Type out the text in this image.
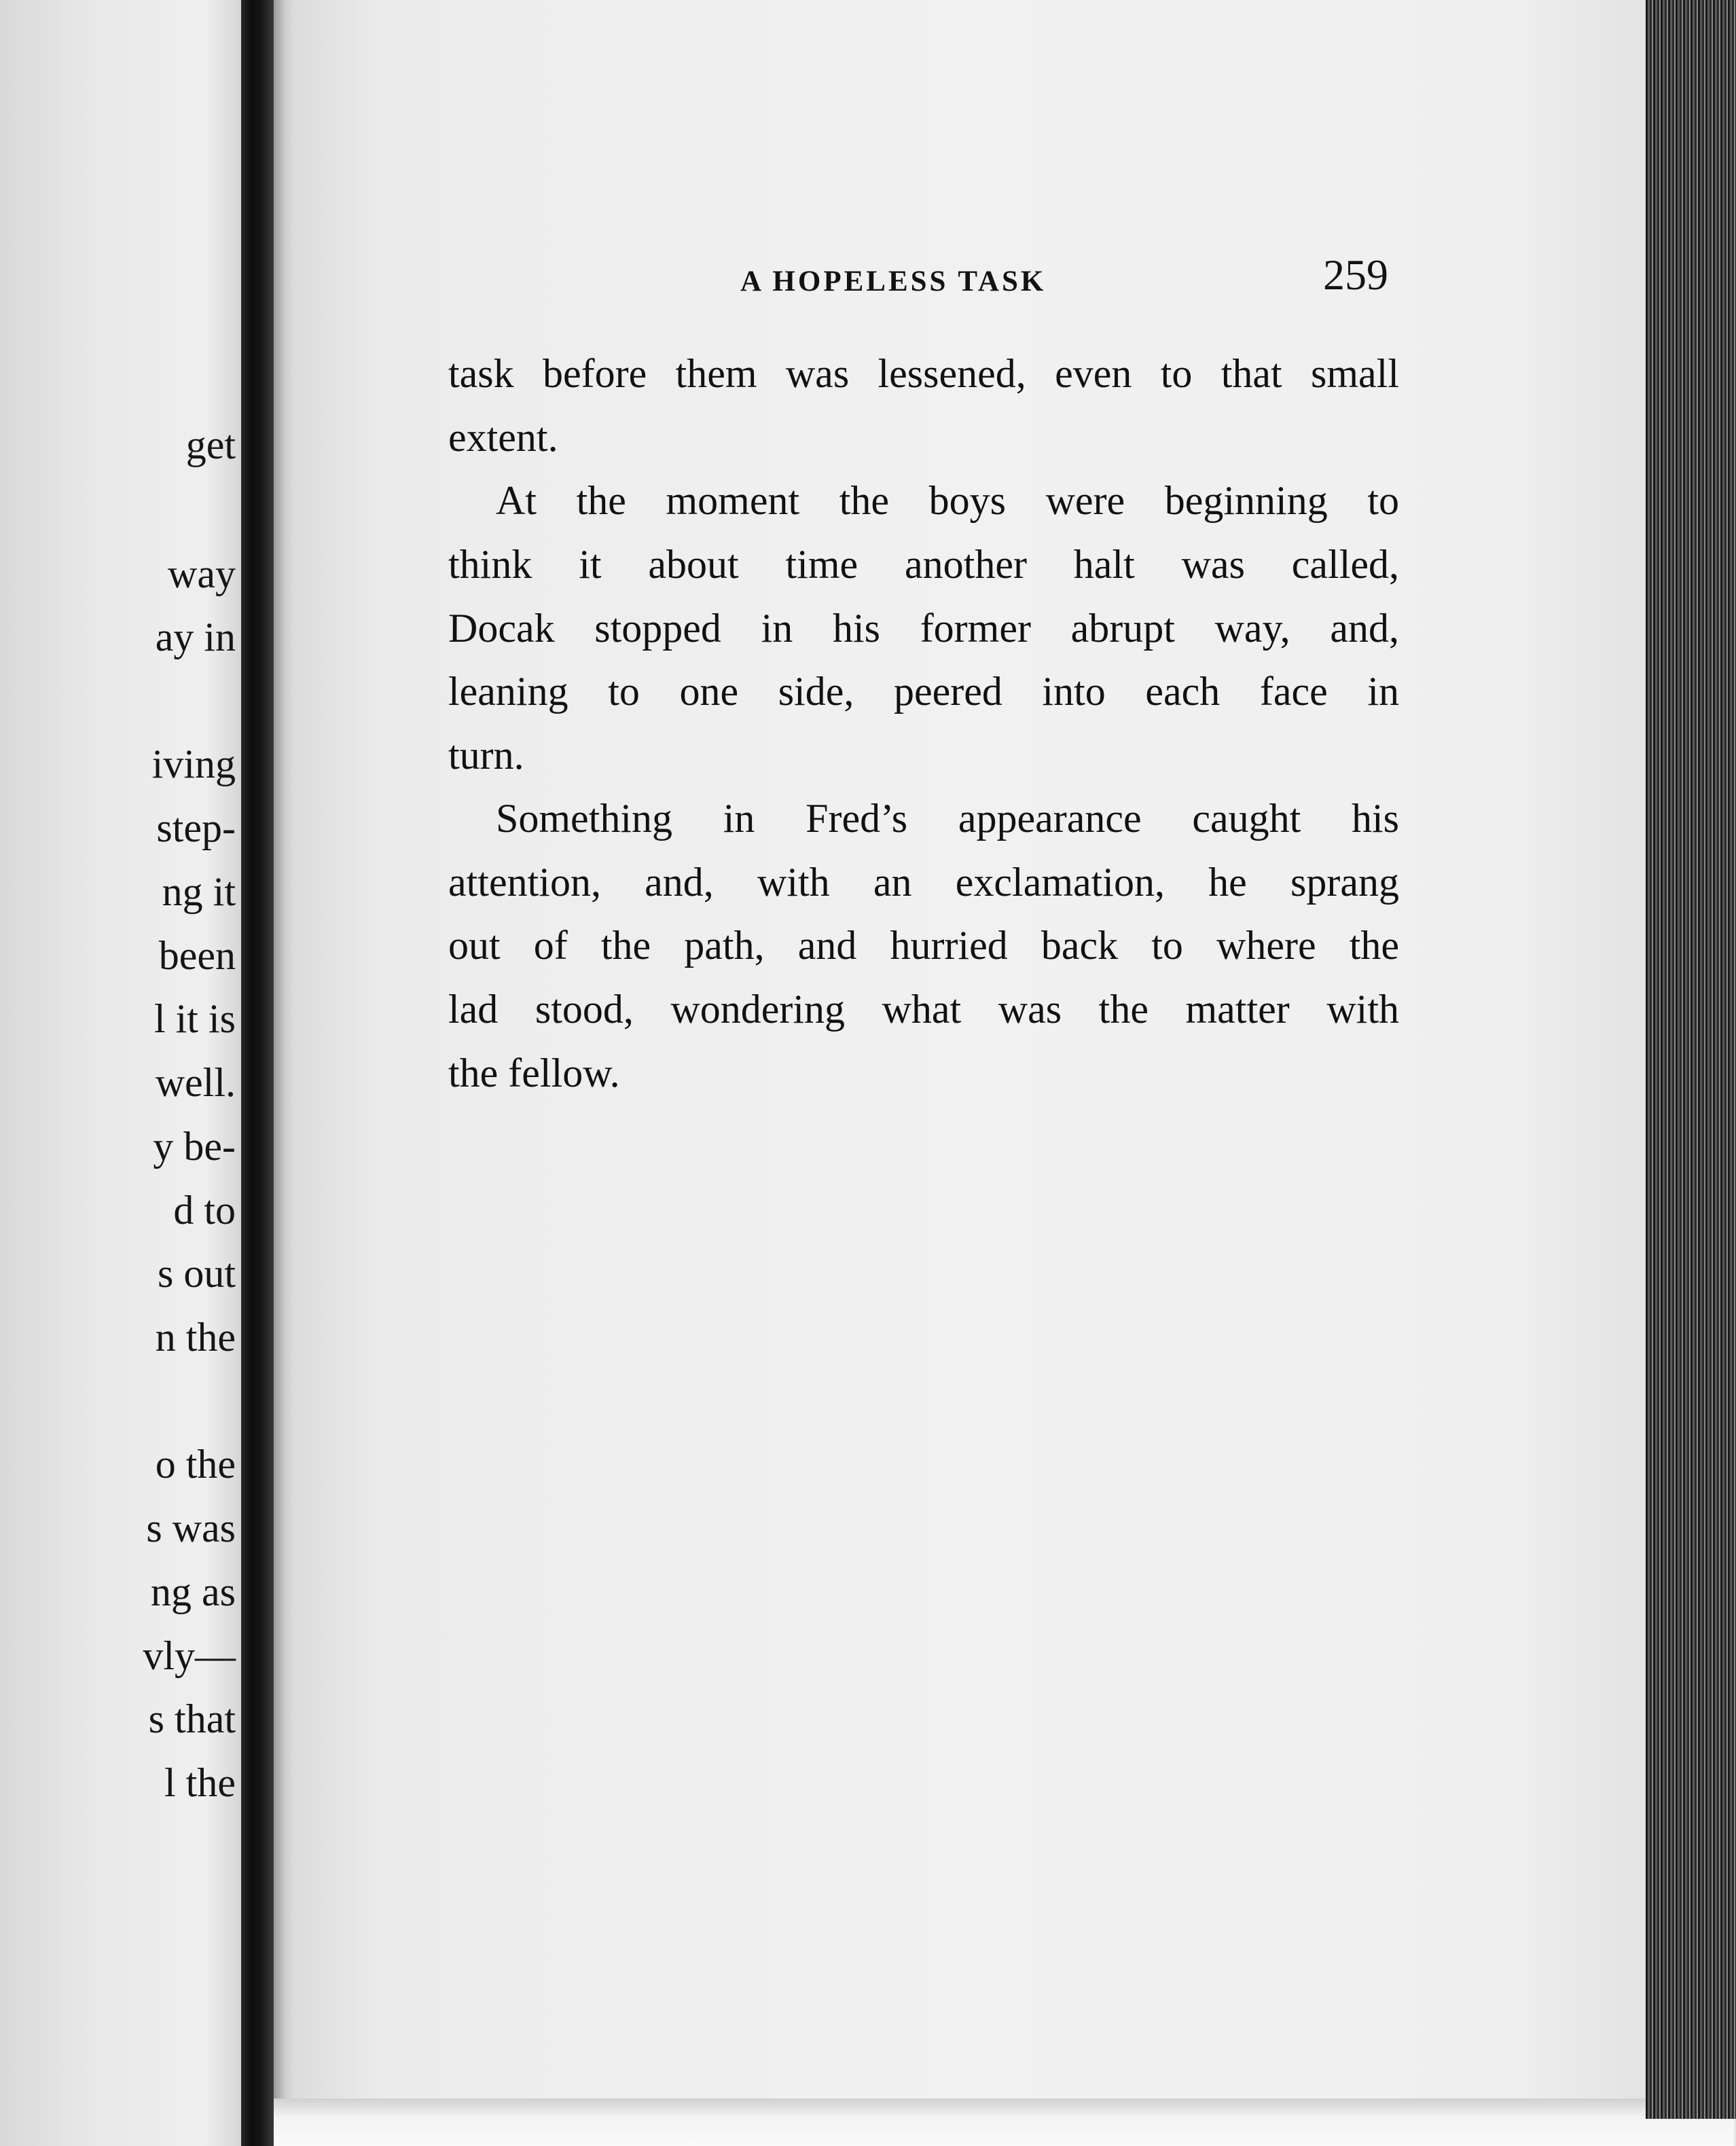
get
way
ay in
iving
step-
ng it
been
l it is
well.
y be-
d to
s out
n the
o the
s was
ng as
vly—
s that
l the
A HOPELESS TASK	259
task before them was lessened, even to that small
extent.
At the moment the boys were beginning to
think it about time another halt was called,
Docak stopped in his former abrupt way, and,
leaning to one side, peered into each face in
turn.
Something in Fred’s appearance caught his
attention, and, with an exclamation, he sprang
out of the path, and hurried back to where the
lad stood, wondering what was the matter with
the fellow.
